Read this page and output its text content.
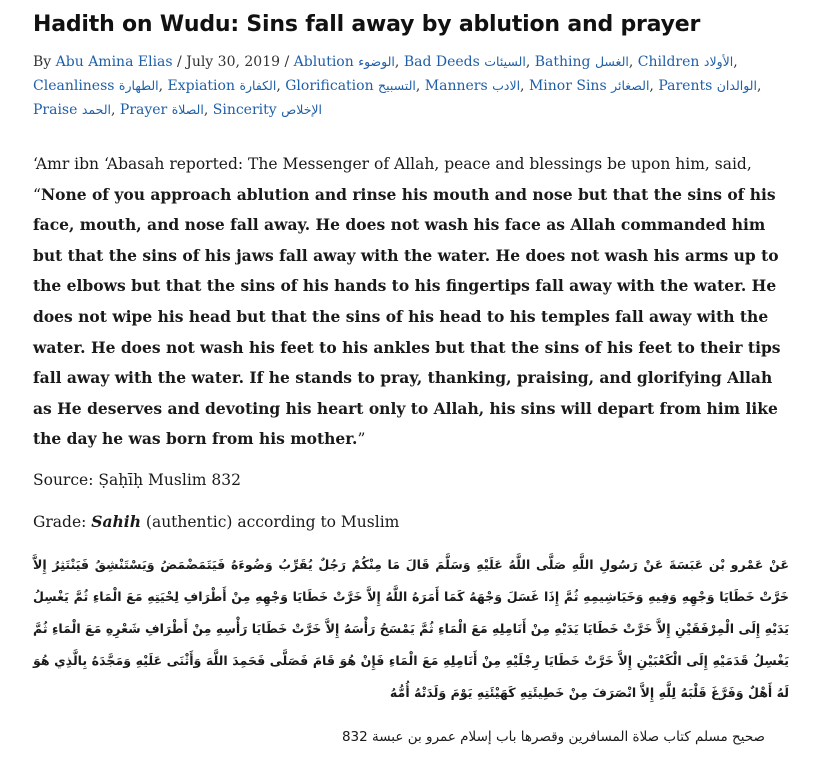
Hadith on Wudu: Sins fall away by ablution and prayer
By Abu Amina Elias / July 30, 2019 / Ablution الوضوء, Bad Deeds السيئات, Bathing الغسل, Children الأولاد, Cleanliness الطهارة, Expiation الكفارة, Glorification التسبيح, Manners الادب, Minor Sins الصغائر, Parents الوالدان, Praise الحمد, Prayer الصلاة, Sincerity الإخلاص

‘Amr ibn ‘Abasah reported: The Messenger of Allah, peace and blessings be upon him, said, “None of you approach ablution and rinse his mouth and nose but that the sins of his face, mouth, and nose fall away. He does not wash his face as Allah commanded him but that the sins of his jaws fall away with the water. He does not wash his arms up to the elbows but that the sins of his hands to his fingertips fall away with the water. He does not wipe his head but that the sins of his head to his temples fall away with the water. He does not wash his feet to his ankles but that the sins of his feet to their tips fall away with the water. If he stands to pray, thanking, praising, and glorifying Allah as He deserves and devoting his heart only to Allah, his sins will depart from him like the day he was born from his mother.”

Source: Ṣaḥīḥ Muslim 832

Grade: Sahih (authentic) according to Muslim

عَنْ عَمْرو بْن عَبَسَةَ عَنْ رَسُولِ اللَّهِ صَلَّى اللَّهُ عَلَيْهِ وَسَلَّمَ قَالَ مَا مِنْكُمْ رَجُلٌ يُقَرِّبُ وَضُوءَهُ فَيَتَمَضْمَضُ وَيَسْتَنْشِقُ فَيَنْتَثِرُ إِلاَّ خَرَّتْ خَطَايَا وَجْهِهِ وَفِيهِ وَخَيَاشِيمِهِ ثُمَّ إِذَا غَسَلَ وَجْهَهُ كَمَا أَمَرَهُ اللَّهُ إِلاَّ خَرَّتْ خَطَايَا وَجْهِهِ مِنْ أَطْرَافِ لِحْيَتِهِ مَعَ الْمَاءِ ثُمَّ يَغْسِلُ يَدَيْهِ إِلَى الْمِرْفَقَيْنِ إِلاَّ خَرَّتْ خَطَايَا يَدَيْهِ مِنْ أَنَامِلِهِ مَعَ الْمَاءِ ثُمَّ يَمْسَحُ رَأْسَهُ إِلاَّ خَرَّتْ خَطَايَا رَأْسِهِ مِنْ أَطْرَافِ شَعْرِهِ مَعَ الْمَاءِ ثُمَّ يَغْسِلُ قَدَمَيْهِ إِلَى الْكَعْبَيْنِ إِلاَّ خَرَّتْ خَطَايَا رِجْلَيْهِ مِنْ أَنَامِلِهِ مَعَ الْمَاءِ فَإِنْ هُوَ قَامَ فَصَلَّى فَحَمِدَ اللَّهَ وَأَثْنَى عَلَيْهِ وَمَجَّدَهُ بِالَّذِي هُوَ لَهُ أَهْلٌ وَفَرَّغَ قَلْبَهُ لِلَّهِ إِلاَّ انْصَرَفَ مِنْ خَطِيئَتِهِ كَهَيْئَتِهِ يَوْمَ وَلَدَتْهُ أُمُّهُ
صحيح مسلم كتاب صلاة المسافرين وقصرها باب إسلام عمرو بن عبسة 832
